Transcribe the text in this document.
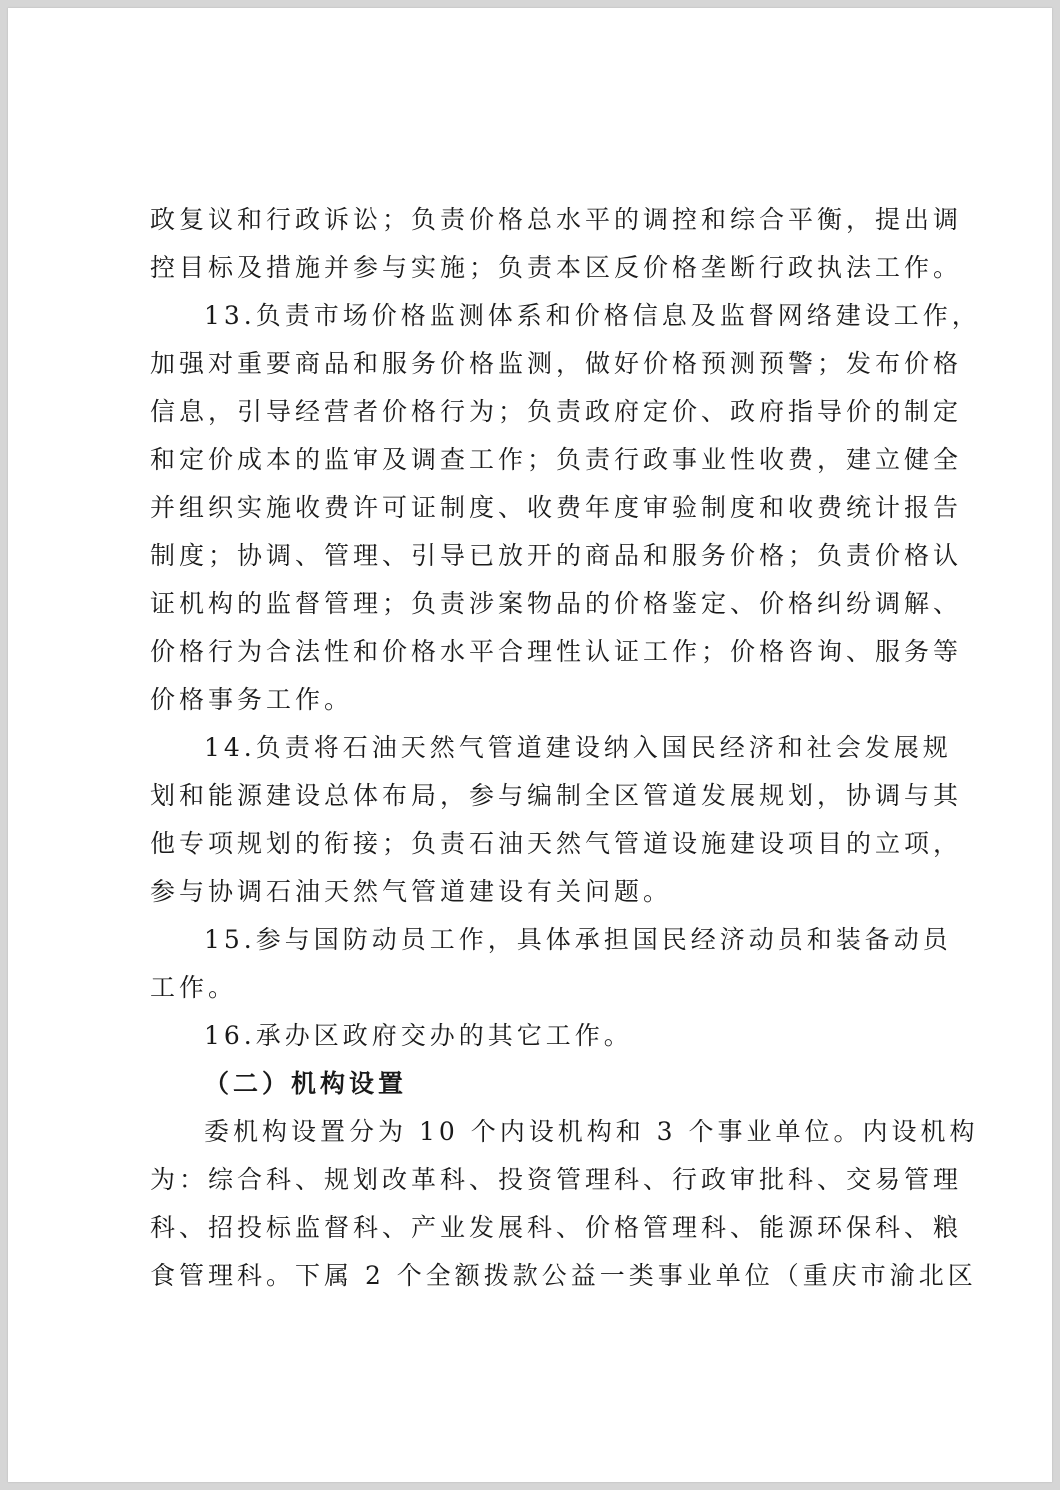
政复议和行政诉讼；负责价格总水平的调控和综合平衡，提出调
控目标及措施并参与实施；负责本区反价格垄断行政执法工作。
13.负责市场价格监测体系和价格信息及监督网络建设工作，
加强对重要商品和服务价格监测，做好价格预测预警；发布价格
信息，引导经营者价格行为；负责政府定价、政府指导价的制定
和定价成本的监审及调查工作；负责行政事业性收费，建立健全
并组织实施收费许可证制度、收费年度审验制度和收费统计报告
制度；协调、管理、引导已放开的商品和服务价格；负责价格认
证机构的监督管理；负责涉案物品的价格鉴定、价格纠纷调解、
价格行为合法性和价格水平合理性认证工作；价格咨询、服务等
价格事务工作。
14.负责将石油天然气管道建设纳入国民经济和社会发展规
划和能源建设总体布局，参与编制全区管道发展规划，协调与其
他专项规划的衔接；负责石油天然气管道设施建设项目的立项，
参与协调石油天然气管道建设有关问题。
15.参与国防动员工作，具体承担国民经济动员和装备动员
工作。
16.承办区政府交办的其它工作。
（二）机构设置
委机构设置分为 10 个内设机构和 3 个事业单位。内设机构
为：综合科、规划改革科、投资管理科、行政审批科、交易管理
科、招投标监督科、产业发展科、价格管理科、能源环保科、粮
食管理科。下属 2 个全额拨款公益一类事业单位（重庆市渝北区
